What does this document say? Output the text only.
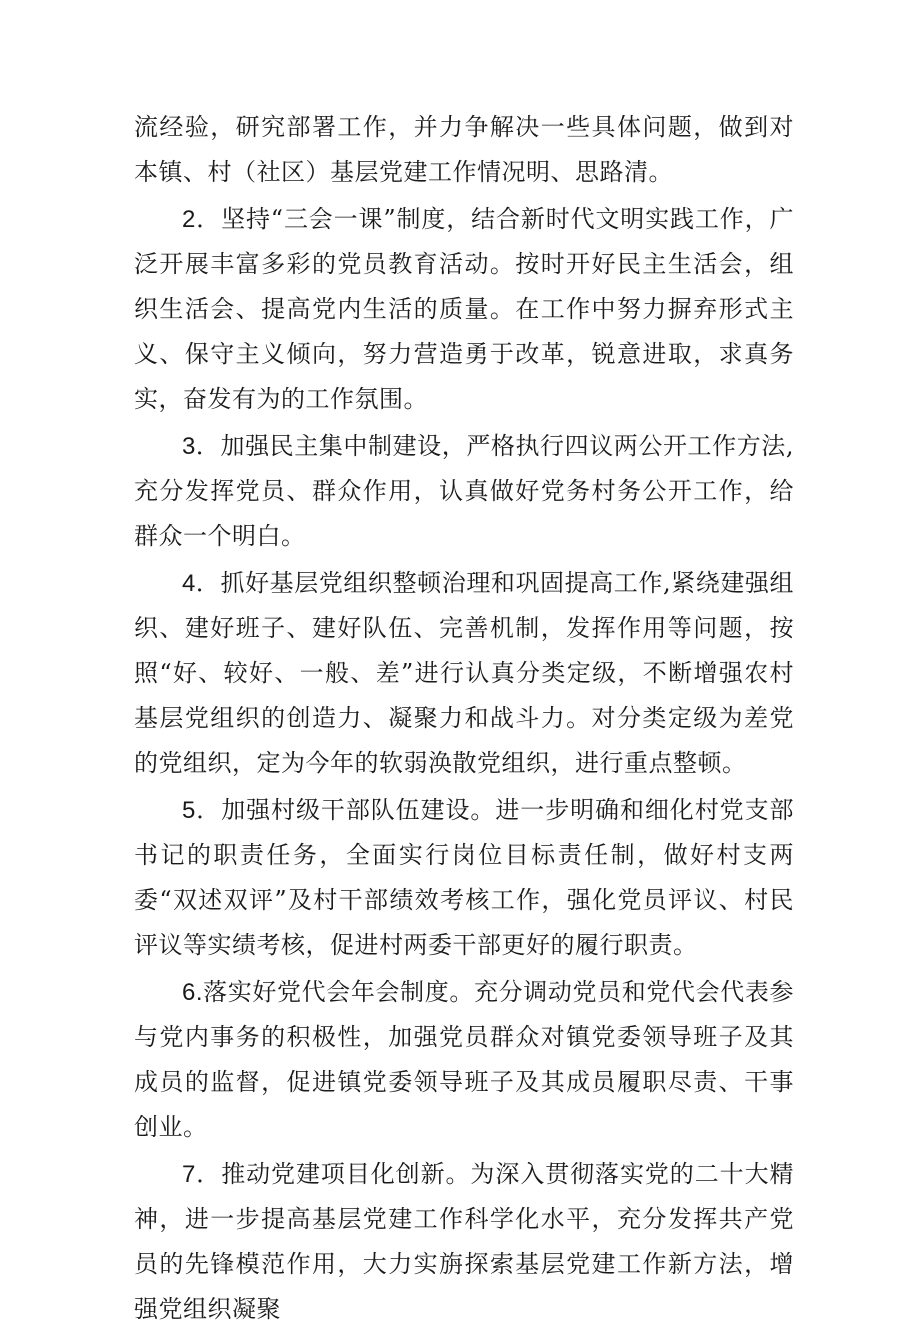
流经验，研究部署工作，并力争解决一些具体问题，做到对本镇、村（社区）基层党建工作情况明、思路清。

2．坚持“三会一课”制度，结合新时代文明实践工作，广泛开展丰富多彩的党员教育活动。按时开好民主生活会，组织生活会、提高党内生活的质量。在工作中努力摒弃形式主义、保守主义倾向，努力营造勇于改革，锐意进取，求真务实，奋发有为的工作氛围。

3．加强民主集中制建设，严格执行四议两公开工作方法,充分发挥党员、群众作用，认真做好党务村务公开工作，给群众一个明白。

4．抓好基层党组织整顿治理和巩固提高工作,紧绕建强组织、建好班子、建好队伍、完善机制，发挥作用等问题，按照“好、较好、一般、差”进行认真分类定级，不断增强农村基层党组织的创造力、凝聚力和战斗力。对分类定级为差党的党组织，定为今年的软弱涣散党组织，进行重点整顿。

5．加强村级干部队伍建设。进一步明确和细化村党支部书记的职责任务，全面实行岗位目标责任制，做好村支两委“双述双评”及村干部绩效考核工作，强化党员评议、村民评议等实绩考核，促进村两委干部更好的履行职责。

6.落实好党代会年会制度。充分调动党员和党代会代表参与党内事务的积极性，加强党员群众对镇党委领导班子及其成员的监督，促进镇党委领导班子及其成员履职尽责、干事创业。

7．推动党建项目化创新。为深入贯彻落实党的二十大精神，进一步提高基层党建工作科学化水平，充分发挥共产党员的先锋模范作用，大力实旃探索基层党建工作新方法，增强党组织凝聚
